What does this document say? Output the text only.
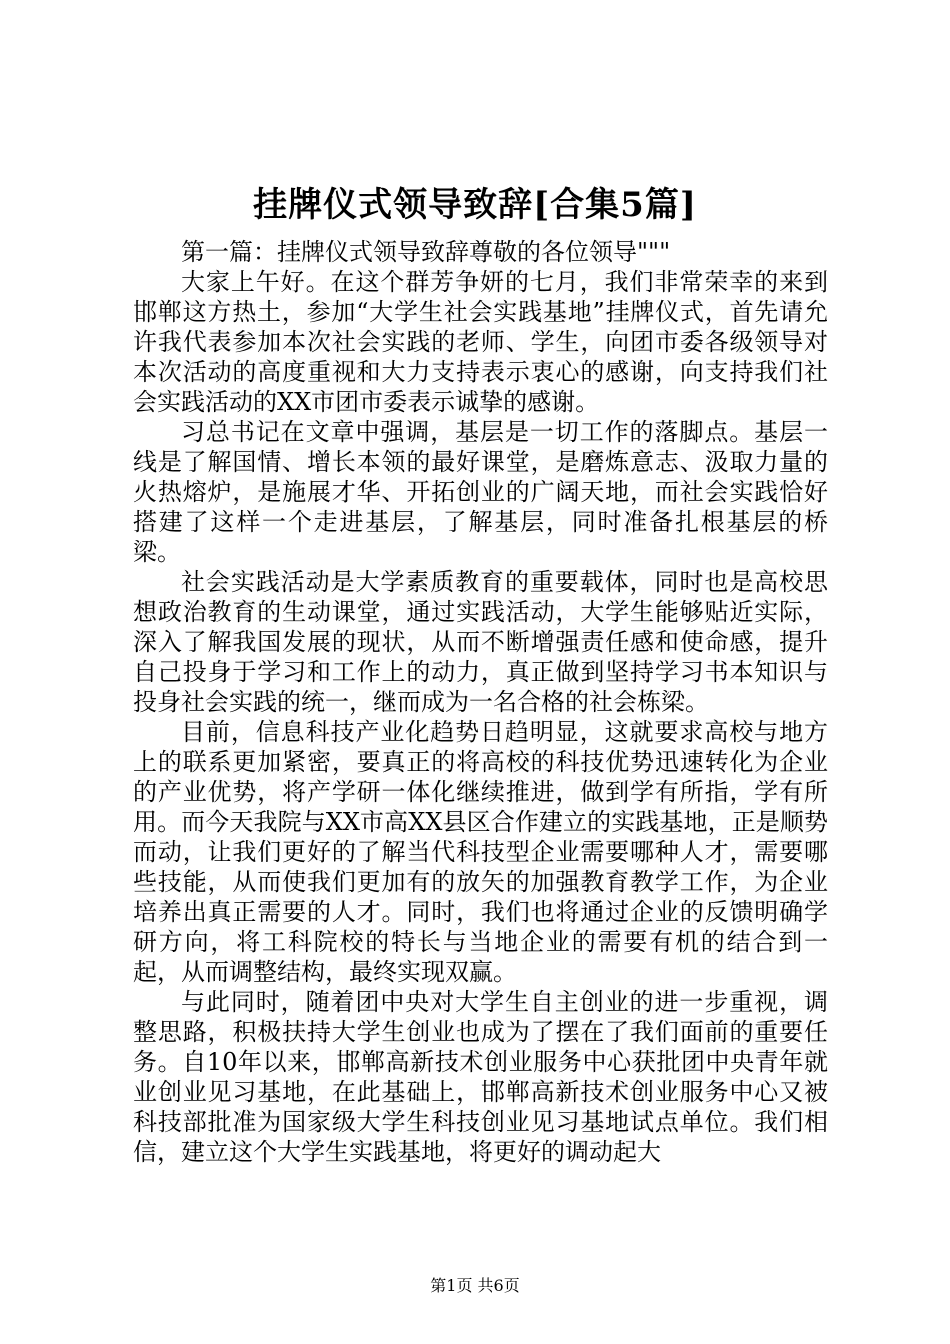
挂牌仪式领导致辞[合集5篇]

第一篇：挂牌仪式领导致辞尊敬的各位领导"""

大家上午好。在这个群芳争妍的七月，我们非常荣幸的来到邯郸这方热土，参加“大学生社会实践基地”挂牌仪式，首先请允许我代表参加本次社会实践的老师、学生，向团市委各级领导对本次活动的高度重视和大力支持表示衷心的感谢，向支持我们社会实践活动的XX市团市委表示诚挚的感谢。

习总书记在文章中强调，基层是一切工作的落脚点。基层一线是了解国情、增长本领的最好课堂，是磨炼意志、汲取力量的火热熔炉，是施展才华、开拓创业的广阔天地，而社会实践恰好搭建了这样一个走进基层，了解基层，同时准备扎根基层的桥梁。

社会实践活动是大学素质教育的重要载体，同时也是高校思想政治教育的生动课堂，通过实践活动，大学生能够贴近实际，深入了解我国发展的现状，从而不断增强责任感和使命感，提升自己投身于学习和工作上的动力，真正做到坚持学习书本知识与投身社会实践的统一，继而成为一名合格的社会栋梁。

目前，信息科技产业化趋势日趋明显，这就要求高校与地方上的联系更加紧密，要真正的将高校的科技优势迅速转化为企业的产业优势，将产学研一体化继续推进，做到学有所指，学有所用。而今天我院与XX市高XX县区合作建立的实践基地，正是顺势而动，让我们更好的了解当代科技型企业需要哪种人才，需要哪些技能，从而使我们更加有的放矢的加强教育教学工作，为企业培养出真正需要的人才。同时，我们也将通过企业的反馈明确学研方向，将工科院校的特长与当地企业的需要有机的结合到一起，从而调整结构，最终实现双赢。

与此同时，随着团中央对大学生自主创业的进一步重视，调整思路，积极扶持大学生创业也成为了摆在了我们面前的重要任务。自10年以来，邯郸高新技术创业服务中心获批团中央青年就业创业见习基地，在此基础上，邯郸高新技术创业服务中心又被科技部批准为国家级大学生科技创业见习基地试点单位。我们相信，建立这个大学生实践基地，将更好的调动起大

第1页 共6页
